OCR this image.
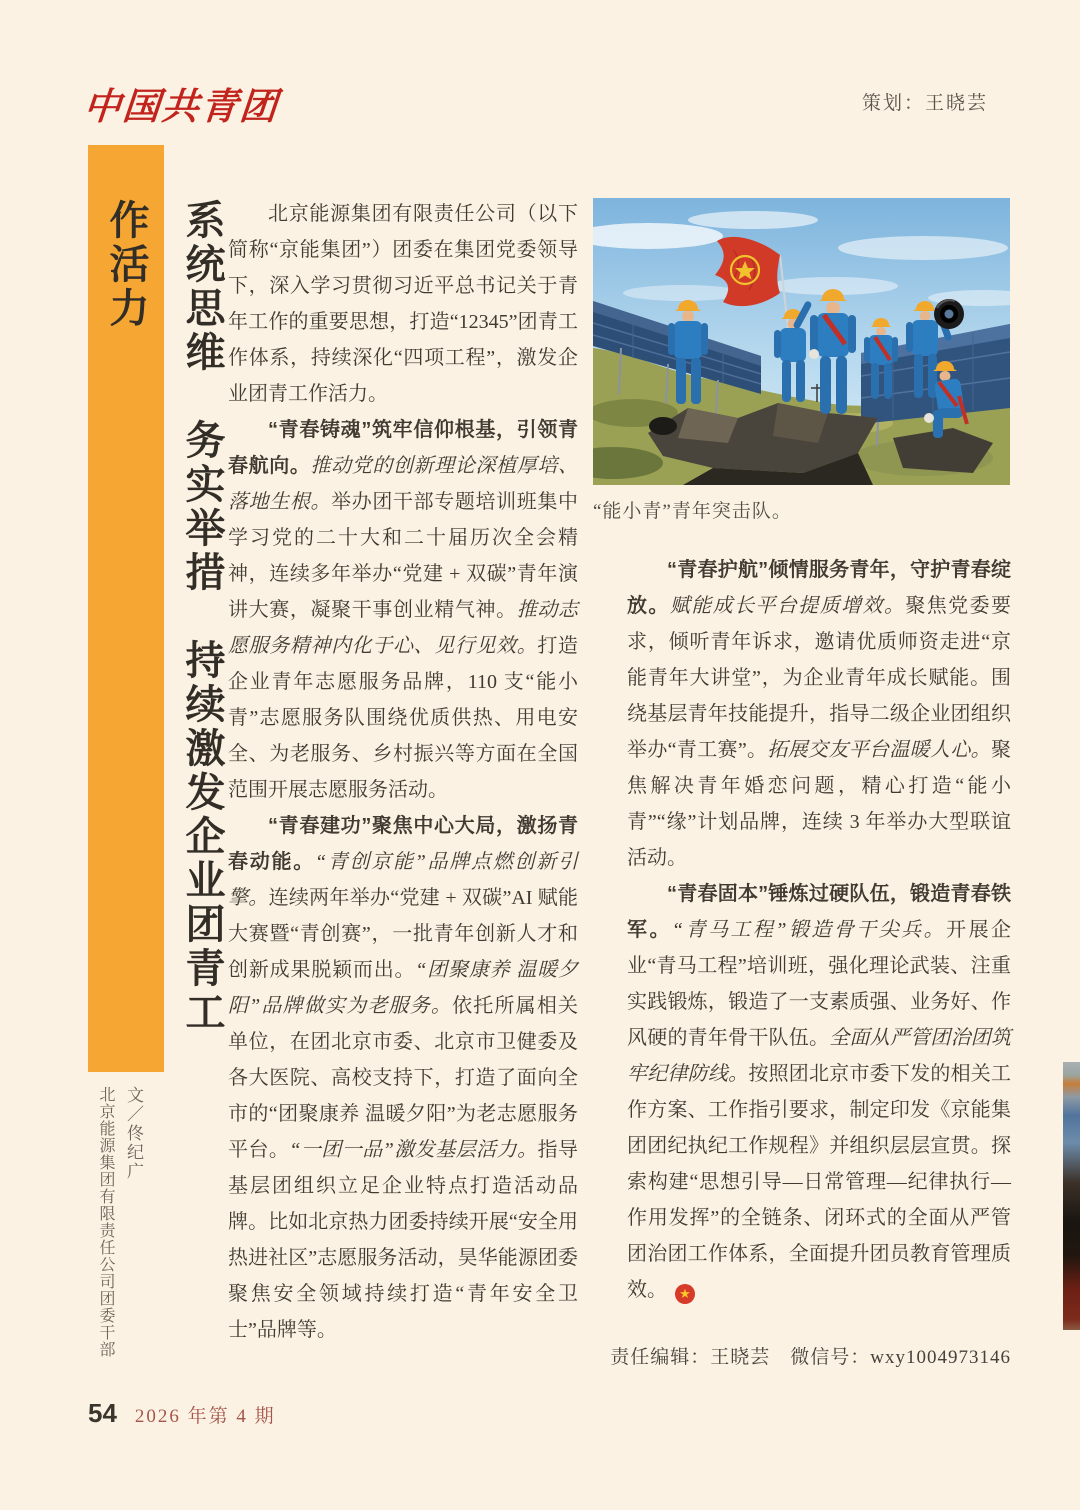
中国共青团	策划：王晓芸
系统思维　务实举措　持续激发企业团青工作活力
文／佟纪广
北京能源集团有限责任公司团委干部

北京能源集团有限责任公司（以下简称“京能集团”）团委在集团党委领导下，深入学习贯彻习近平总书记关于青年工作的重要思想，打造“12345”团青工作体系，持续深化“四项工程”，激发企业团青工作活力。

“青春铸魂”筑牢信仰根基，引领青春航向。推动党的创新理论深植厚培、落地生根。举办团干部专题培训班集中学习党的二十大和二十届历次全会精神，连续多年举办“党建 + 双碳”青年演讲大赛，凝聚干事创业精气神。推动志愿服务精神内化于心、见行见效。打造企业青年志愿服务品牌，110 支“能小青”志愿服务队围绕优质供热、用电安全、为老服务、乡村振兴等方面在全国范围开展志愿服务活动。

“青春建功”聚焦中心大局，激扬青春动能。“青创京能”品牌点燃创新引擎。连续两年举办“党建 + 双碳”AI 赋能大赛暨“青创赛”，一批青年创新人才和创新成果脱颖而出。“团聚康养 温暖夕阳”品牌做实为老服务。依托所属相关单位，在团北京市委、北京市卫健委及各大医院、高校支持下，打造了面向全市的“团聚康养 温暖夕阳”为老志愿服务平台。“一团一品”激发基层活力。指导基层团组织立足企业特点打造活动品牌。比如北京热力团委持续开展“安全用热进社区”志愿服务活动，昊华能源团委聚焦安全领域持续打造“青年安全卫士”品牌等。

“能小青”青年突击队。

“青春护航”倾情服务青年，守护青春绽放。赋能成长平台提质增效。聚焦党委要求，倾听青年诉求，邀请优质师资走进“京能青年大讲堂”，为企业青年成长赋能。围绕基层青年技能提升，指导二级企业团组织举办“青工赛”。拓展交友平台温暖人心。聚焦解决青年婚恋问题，精心打造“能小青”“缘”计划品牌，连续 3 年举办大型联谊活动。

“青春固本”锤炼过硬队伍，锻造青春铁军。“青马工程”锻造骨干尖兵。开展企业“青马工程”培训班，强化理论武装、注重实践锻炼，锻造了一支素质强、业务好、作风硬的青年骨干队伍。全面从严管团治团筑牢纪律防线。按照团北京市委下发的相关工作方案、工作指引要求，制定印发《京能集团团纪执纪工作规程》并组织层层宣贯。探索构建“思想引导—日常管理—纪律执行—作用发挥”的全链条、闭环式的全面从严管团治团工作体系，全面提升团员教育管理质效。 ★

责任编辑：王晓芸　微信号：wxy1004973146
54 2026 年第 4 期
